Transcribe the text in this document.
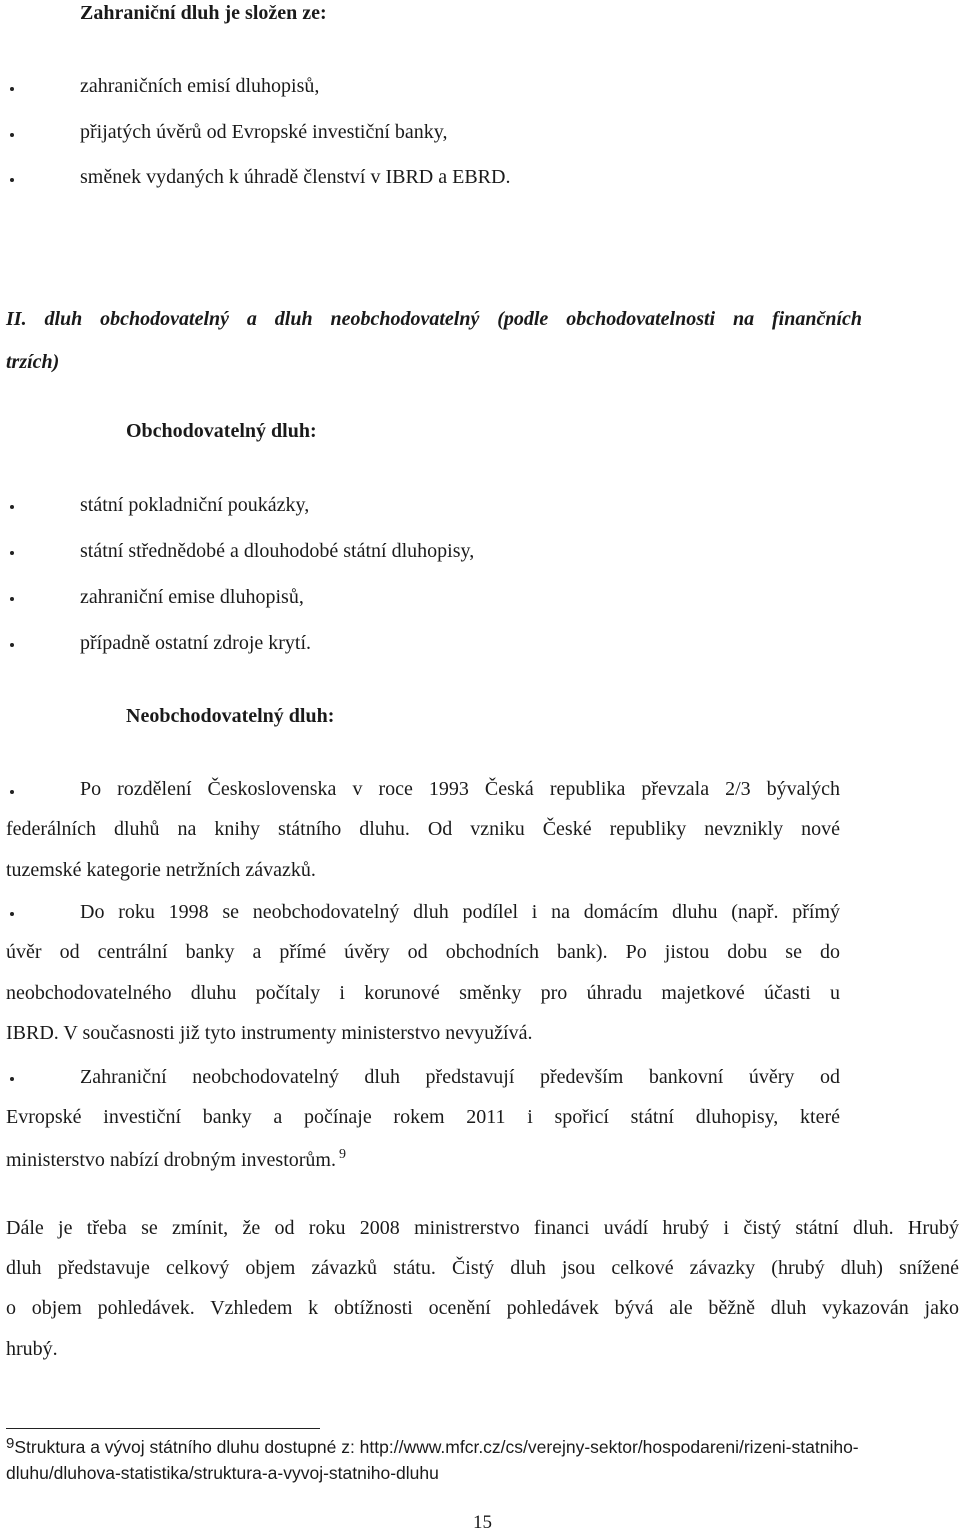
Zahraniční dluh je složen ze:
zahraničních emisí dluhopisů,
přijatých úvěrů od Evropské investiční banky,
směnek vydaných k úhradě členství v IBRD a EBRD.
II. dluh obchodovatelný a dluh neobchodovatelný (podle obchodovatelnosti na finančních
trzích)
Obchodovatelný dluh:
státní pokladniční poukázky,
státní střednědobé a dlouhodobé státní dluhopisy,
zahraniční emise dluhopisů,
případně ostatní zdroje krytí.
Neobchodovatelný dluh:
Po rozdělení Československa v roce 1993 Česká republika převzala 2/3 bývalých
federálních dluhů na knihy státního dluhu. Od vzniku České republiky nevznikly nové
tuzemské kategorie netržních závazků.
Do roku 1998 se neobchodovatelný dluh podílel i na domácím dluhu (např. přímý
úvěr od centrální banky a přímé úvěry od obchodních bank). Po jistou dobu se do
neobchodovatelného dluhu počítaly i korunové směnky pro úhradu majetkové účasti u
IBRD. V současnosti již tyto instrumenty ministerstvo nevyužívá.
Zahraniční neobchodovatelný dluh představují především bankovní úvěry od
Evropské investiční banky a počínaje rokem 2011 i spořicí státní dluhopisy, které
ministerstvo nabízí drobným investorům. $^9$
Dále je třeba se zmínit, že od roku 2008 ministrerstvo financi uvádí hrubý i čistý státní dluh. Hrubý
dluh představuje celkový objem závazků státu. Čistý dluh jsou celkové závazky (hrubý dluh) snížené
o objem pohledávek. Vzhledem k obtížnosti ocenění pohledávek bývá ale běžně dluh vykazován jako
hrubý.
9Struktura a vývoj státního dluhu dostupné z: http://www.mfcr.cz/cs/verejny-sektor/hospodareni/rizeni-statniho-
dluhu/dluhova-statistika/struktura-a-vyvoj-statniho-dluhu
15
